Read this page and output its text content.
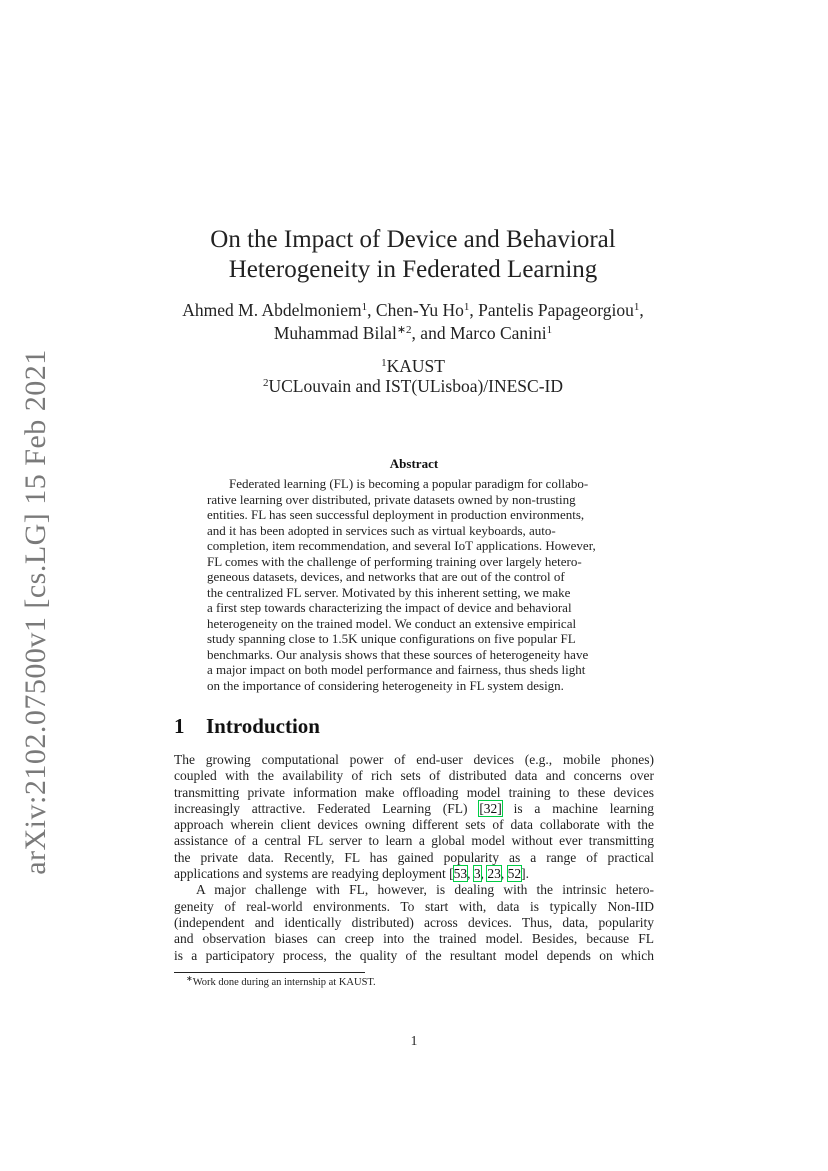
arXiv:2102.07500v1 [cs.LG] 15 Feb 2021
On the Impact of Device and Behavioral
Heterogeneity in Federated Learning
Ahmed M. Abdelmoniem$^1$, Chen-Yu Ho$^1$, Pantelis Papageorgiou$^1$,
Muhammad Bilal$^{∗2}$, and Marco Canini$^1$
$^1$KAUST
$^2$UCLouvain and IST(ULisboa)/INESC-ID
Abstract
Federated learning (FL) is becoming a popular paradigm for collabo-
rative learning over distributed, private datasets owned by non-trusting
entities. FL has seen successful deployment in production environments,
and it has been adopted in services such as virtual keyboards, auto-
completion, item recommendation, and several IoT applications. However,
FL comes with the challenge of performing training over largely hetero-
geneous datasets, devices, and networks that are out of the control of
the centralized FL server. Motivated by this inherent setting, we make
a first step towards characterizing the impact of device and behavioral
heterogeneity on the trained model. We conduct an extensive empirical
study spanning close to 1.5K unique configurations on five popular FL
benchmarks. Our analysis shows that these sources of heterogeneity have
a major impact on both model performance and fairness, thus sheds light
on the importance of considering heterogeneity in FL system design.
1 Introduction
The growing computational power of end-user devices (e.g., mobile phones)
coupled with the availability of rich sets of distributed data and concerns over
transmitting private information make offloading model training to these devices
increasingly attractive. Federated Learning (FL) [32] is a machine learning
approach wherein client devices owning different sets of data collaborate with the
assistance of a central FL server to learn a global model without ever transmitting
the private data. Recently, FL has gained popularity as a range of practical
applications and systems are readying deployment [53, 3, 23, 52].
A major challenge with FL, however, is dealing with the intrinsic hetero-
geneity of real-world environments. To start with, data is typically Non-IID
(independent and identically distributed) across devices. Thus, data, popularity
and observation biases can creep into the trained model. Besides, because FL
is a participatory process, the quality of the resultant model depends on which
∗Work done during an internship at KAUST.
1
